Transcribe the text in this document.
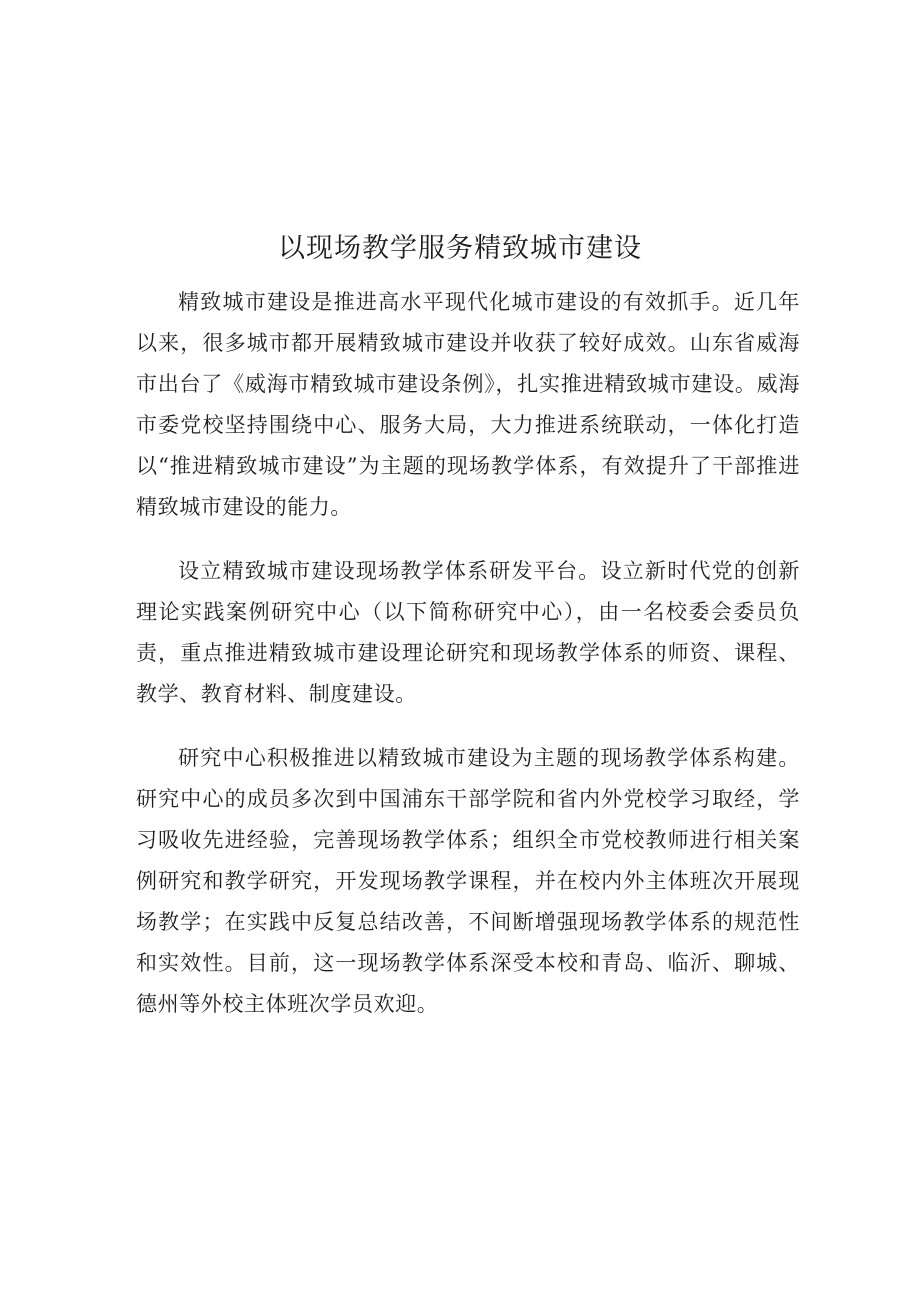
以现场教学服务精致城市建设

精致城市建设是推进高水平现代化城市建设的有效抓手。近几年以来，很多城市都开展精致城市建设并收获了较好成效。山东省威海市出台了《威海市精致城市建设条例》，扎实推进精致城市建设。威海市委党校坚持围绕中心、服务大局，大力推进系统联动，一体化打造以“推进精致城市建设”为主题的现场教学体系，有效提升了干部推进精致城市建设的能力。

设立精致城市建设现场教学体系研发平台。设立新时代党的创新理论实践案例研究中心（以下简称研究中心），由一名校委会委员负责，重点推进精致城市建设理论研究和现场教学体系的师资、课程、教学、教育材料、制度建设。

研究中心积极推进以精致城市建设为主题的现场教学体系构建。研究中心的成员多次到中国浦东干部学院和省内外党校学习取经，学习吸收先进经验，完善现场教学体系；组织全市党校教师进行相关案例研究和教学研究，开发现场教学课程，并在校内外主体班次开展现场教学；在实践中反复总结改善，不间断增强现场教学体系的规范性和实效性。目前，这一现场教学体系深受本校和青岛、临沂、聊城、德州等外校主体班次学员欢迎。
